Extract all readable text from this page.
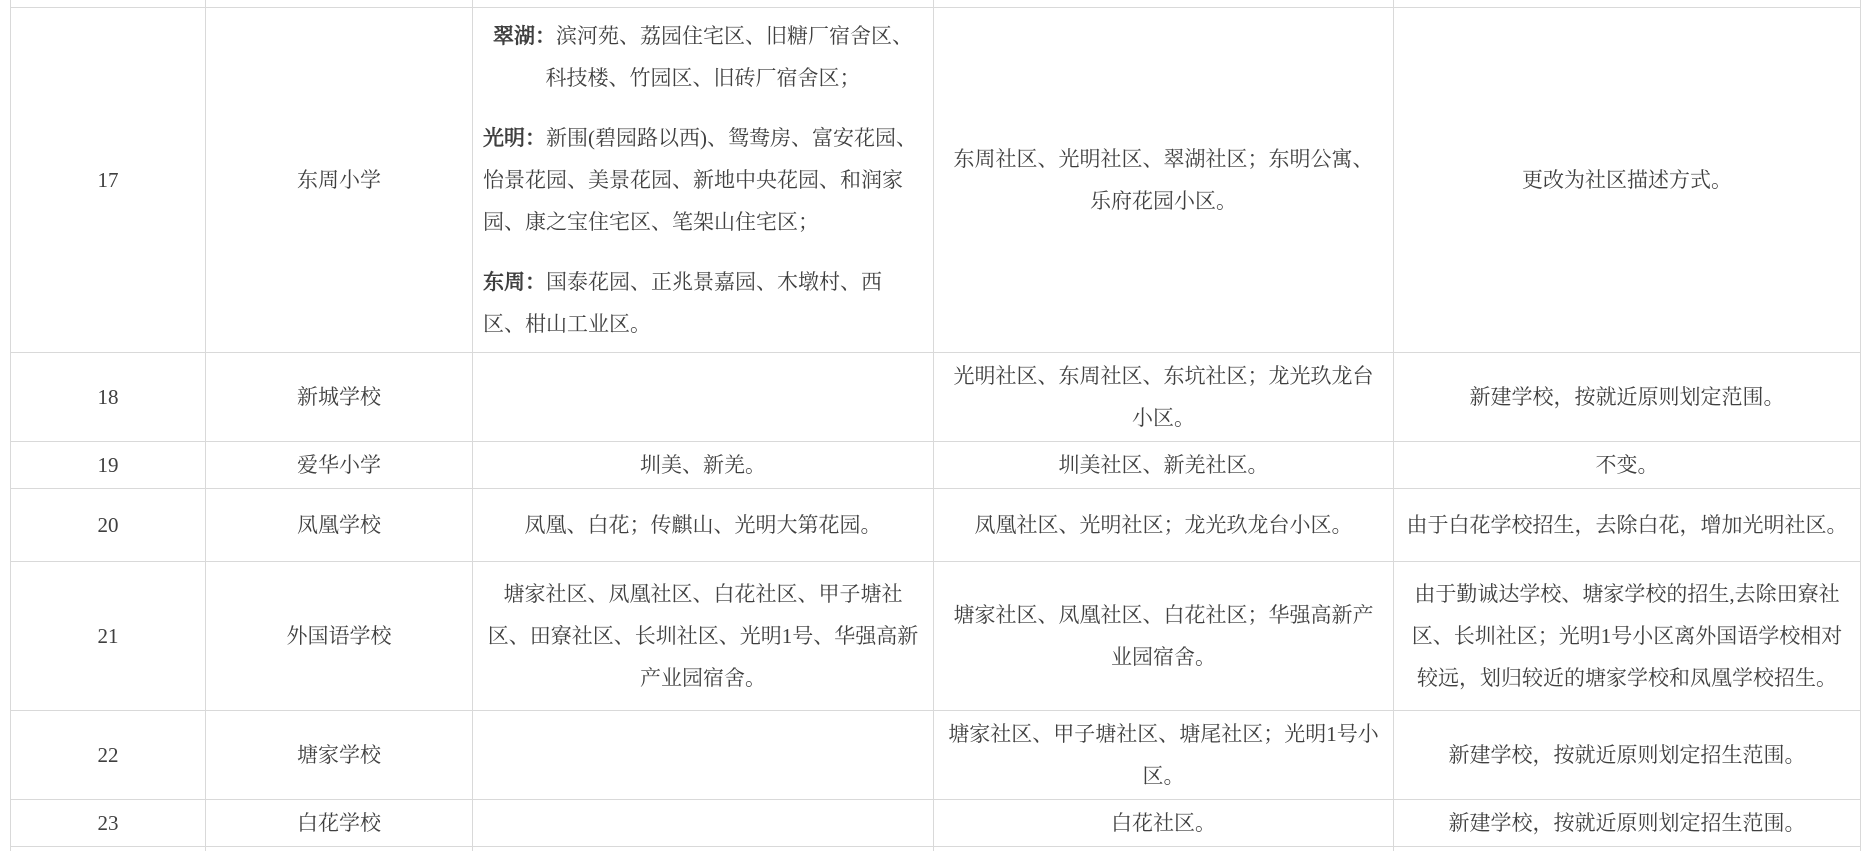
17	东周小学	翠湖：滨河苑、荔园住宅区、旧糖厂宿舍区、科技楼、竹园区、旧砖厂宿舍区；
光明：新围(碧园路以西)、鸳鸯房、富安花园、怡景花园、美景花园、新地中央花园、和润家园、康之宝住宅区、笔架山住宅区；
东周：国泰花园、正兆景嘉园、木墩村、西区、柑山工业区。	东周社区、光明社区、翠湖社区；东明公寓、乐府花园小区。	更改为社区描述方式。
18	新城学校		光明社区、东周社区、东坑社区；龙光玖龙台小区。	新建学校，按就近原则划定范围。
19	爱华小学	圳美、新羌。	圳美社区、新羌社区。	不变。
20	凤凰学校	凤凰、白花；传麒山、光明大第花园。	凤凰社区、光明社区；龙光玖龙台小区。	由于白花学校招生，去除白花，增加光明社区。
21	外国语学校	塘家社区、凤凰社区、白花社区、甲子塘社区、田寮社区、长圳社区、光明1号、华强高新产业园宿舍。	塘家社区、凤凰社区、白花社区；华强高新产业园宿舍。	由于勤诚达学校、塘家学校的招生,去除田寮社区、长圳社区；光明1号小区离外国语学校相对较远，划归较近的塘家学校和凤凰学校招生。
22	塘家学校		塘家社区、甲子塘社区、塘尾社区；光明1号小区。	新建学校，按就近原则划定招生范围。
23	白花学校		白花社区。	新建学校，按就近原则划定招生范围。
